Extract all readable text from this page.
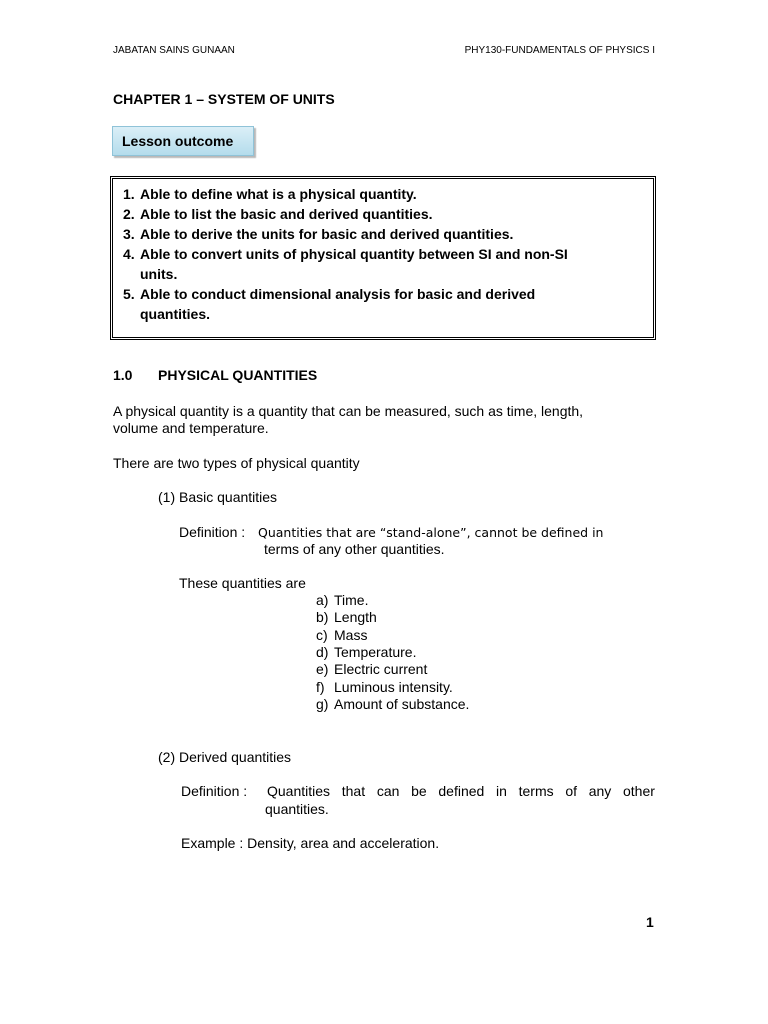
JABATAN SAINS GUNAAN	PHY130-FUNDAMENTALS OF PHYSICS I
CHAPTER 1 – SYSTEM OF UNITS
Lesson outcome
1. Able to define what is a physical quantity.
2. Able to list the basic and derived quantities.
3. Able to derive the units for basic and derived quantities.
4. Able to convert units of physical quantity between SI and non-SI
units.
5. Able to conduct dimensional analysis for basic and derived
quantities.
1.0 PHYSICAL QUANTITIES
A physical quantity is a quantity that can be measured, such as time, length,
volume and temperature.
There are two types of physical quantity
(1) Basic quantities
Definition : Quantities that are “stand-alone”, cannot be defined in
terms of any other quantities.
These quantities are
a) Time.
b) Length
c) Mass
d) Temperature.
e) Electric current
f) Luminous intensity.
g) Amount of substance.
(2) Derived quantities
Definition : Quantities that can be defined in terms of any other
quantities.
Example : Density, area and acceleration.
1
